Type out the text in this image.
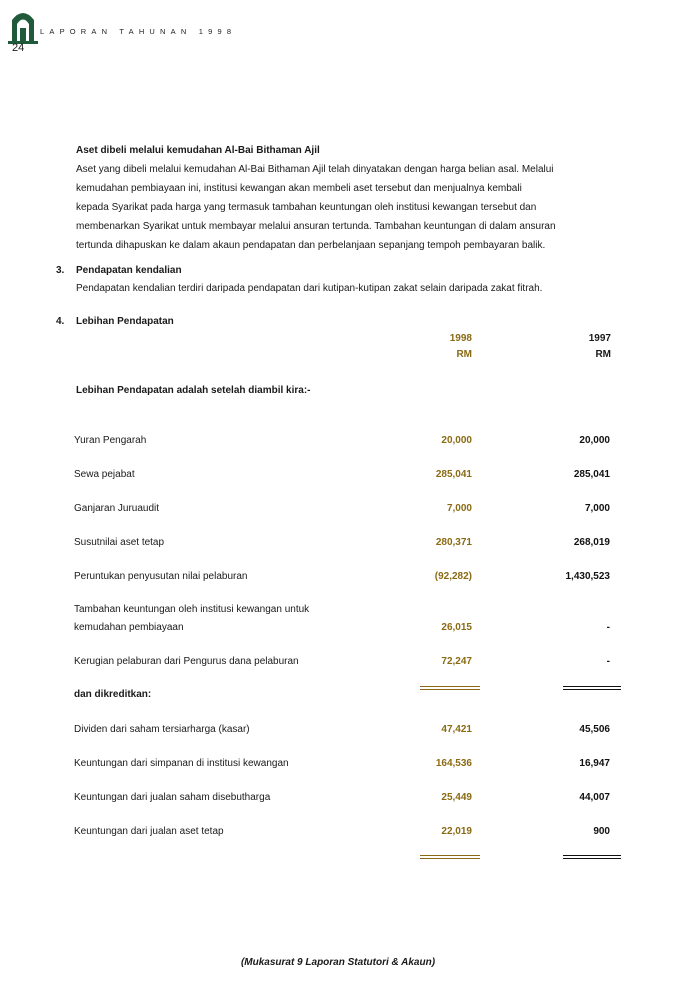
LAPORAN TAHUNAN 1998
24
Aset dibeli melalui kemudahan Al-Bai Bithaman Ajil
Aset yang dibeli melalui kemudahan Al-Bai Bithaman Ajil telah dinyatakan dengan harga belian asal. Melalui
kemudahan pembiayaan ini, institusi kewangan akan membeli aset tersebut dan menjualnya kembali
kepada Syarikat pada harga yang termasuk tambahan keuntungan oleh institusi kewangan tersebut dan
membenarkan Syarikat untuk membayar melalui ansuran tertunda. Tambahan keuntungan di dalam ansuran
tertunda dihapuskan ke dalam akaun pendapatan dan perbelanjaan sepanjang tempoh pembayaran balik.
3. Pendapatan kendalian
Pendapatan kendalian terdiri daripada pendapatan dari kutipan-kutipan zakat selain daripada zakat fitrah.
4. Lebihan Pendapatan
1998
RM
1997
RM
Lebihan Pendapatan adalah setelah diambil kira:-
Yuran Pengarah	20,000	20,000
Sewa pejabat	285,041	285,041
Ganjaran Juruaudit	7,000	7,000
Susutnilai aset tetap	280,371	268,019
Peruntukan penyusutan nilai pelaburan	(92,282)	1,430,523
Tambahan keuntungan oleh institusi kewangan untuk
kemudahan pembiayaan	26,015	-
Kerugian pelaburan dari Pengurus dana pelaburan	72,247	-
dan dikreditkan:
Dividen dari saham tersiarharga (kasar)	47,421	45,506
Keuntungan dari simpanan di institusi kewangan	164,536	16,947
Keuntungan dari jualan saham disebutharga	25,449	44,007
Keuntungan dari jualan aset tetap	22,019	900
(Mukasurat 9 Laporan Statutori & Akaun)
